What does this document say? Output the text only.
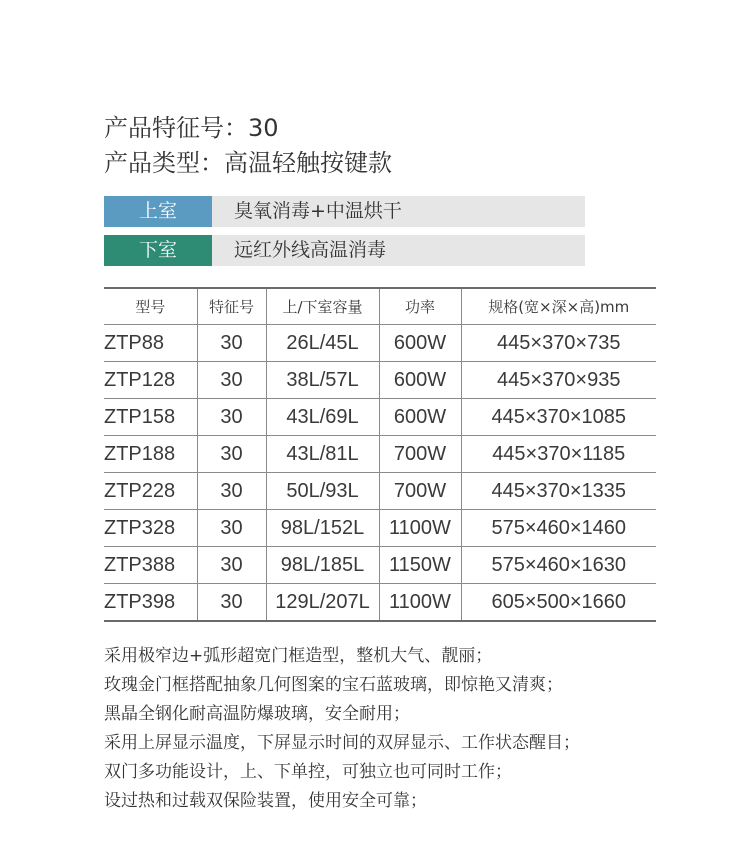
产品特征号：30
产品类型：高温轻触按键款
上室	臭氧消毒+中温烘干
下室	远红外线高温消毒
型号	特征号	上/下室容量	功率	规格(宽×深×高)mm
ZTP88	30	26L/45L	600W	445×370×735
ZTP128	30	38L/57L	600W	445×370×935
ZTP158	30	43L/69L	600W	445×370×1085
ZTP188	30	43L/81L	700W	445×370×1185
ZTP228	30	50L/93L	700W	445×370×1335
ZTP328	30	98L/152L	1100W	575×460×1460
ZTP388	30	98L/185L	1150W	575×460×1630
ZTP398	30	129L/207L	1100W	605×500×1660
采用极窄边+弧形超宽门框造型，整机大气、靓丽；
玫瑰金门框搭配抽象几何图案的宝石蓝玻璃，即惊艳又清爽；
黑晶全钢化耐高温防爆玻璃，安全耐用；
采用上屏显示温度，下屏显示时间的双屏显示、工作状态醒目；
双门多功能设计，上、下单控，可独立也可同时工作；
设过热和过载双保险装置，使用安全可靠；
